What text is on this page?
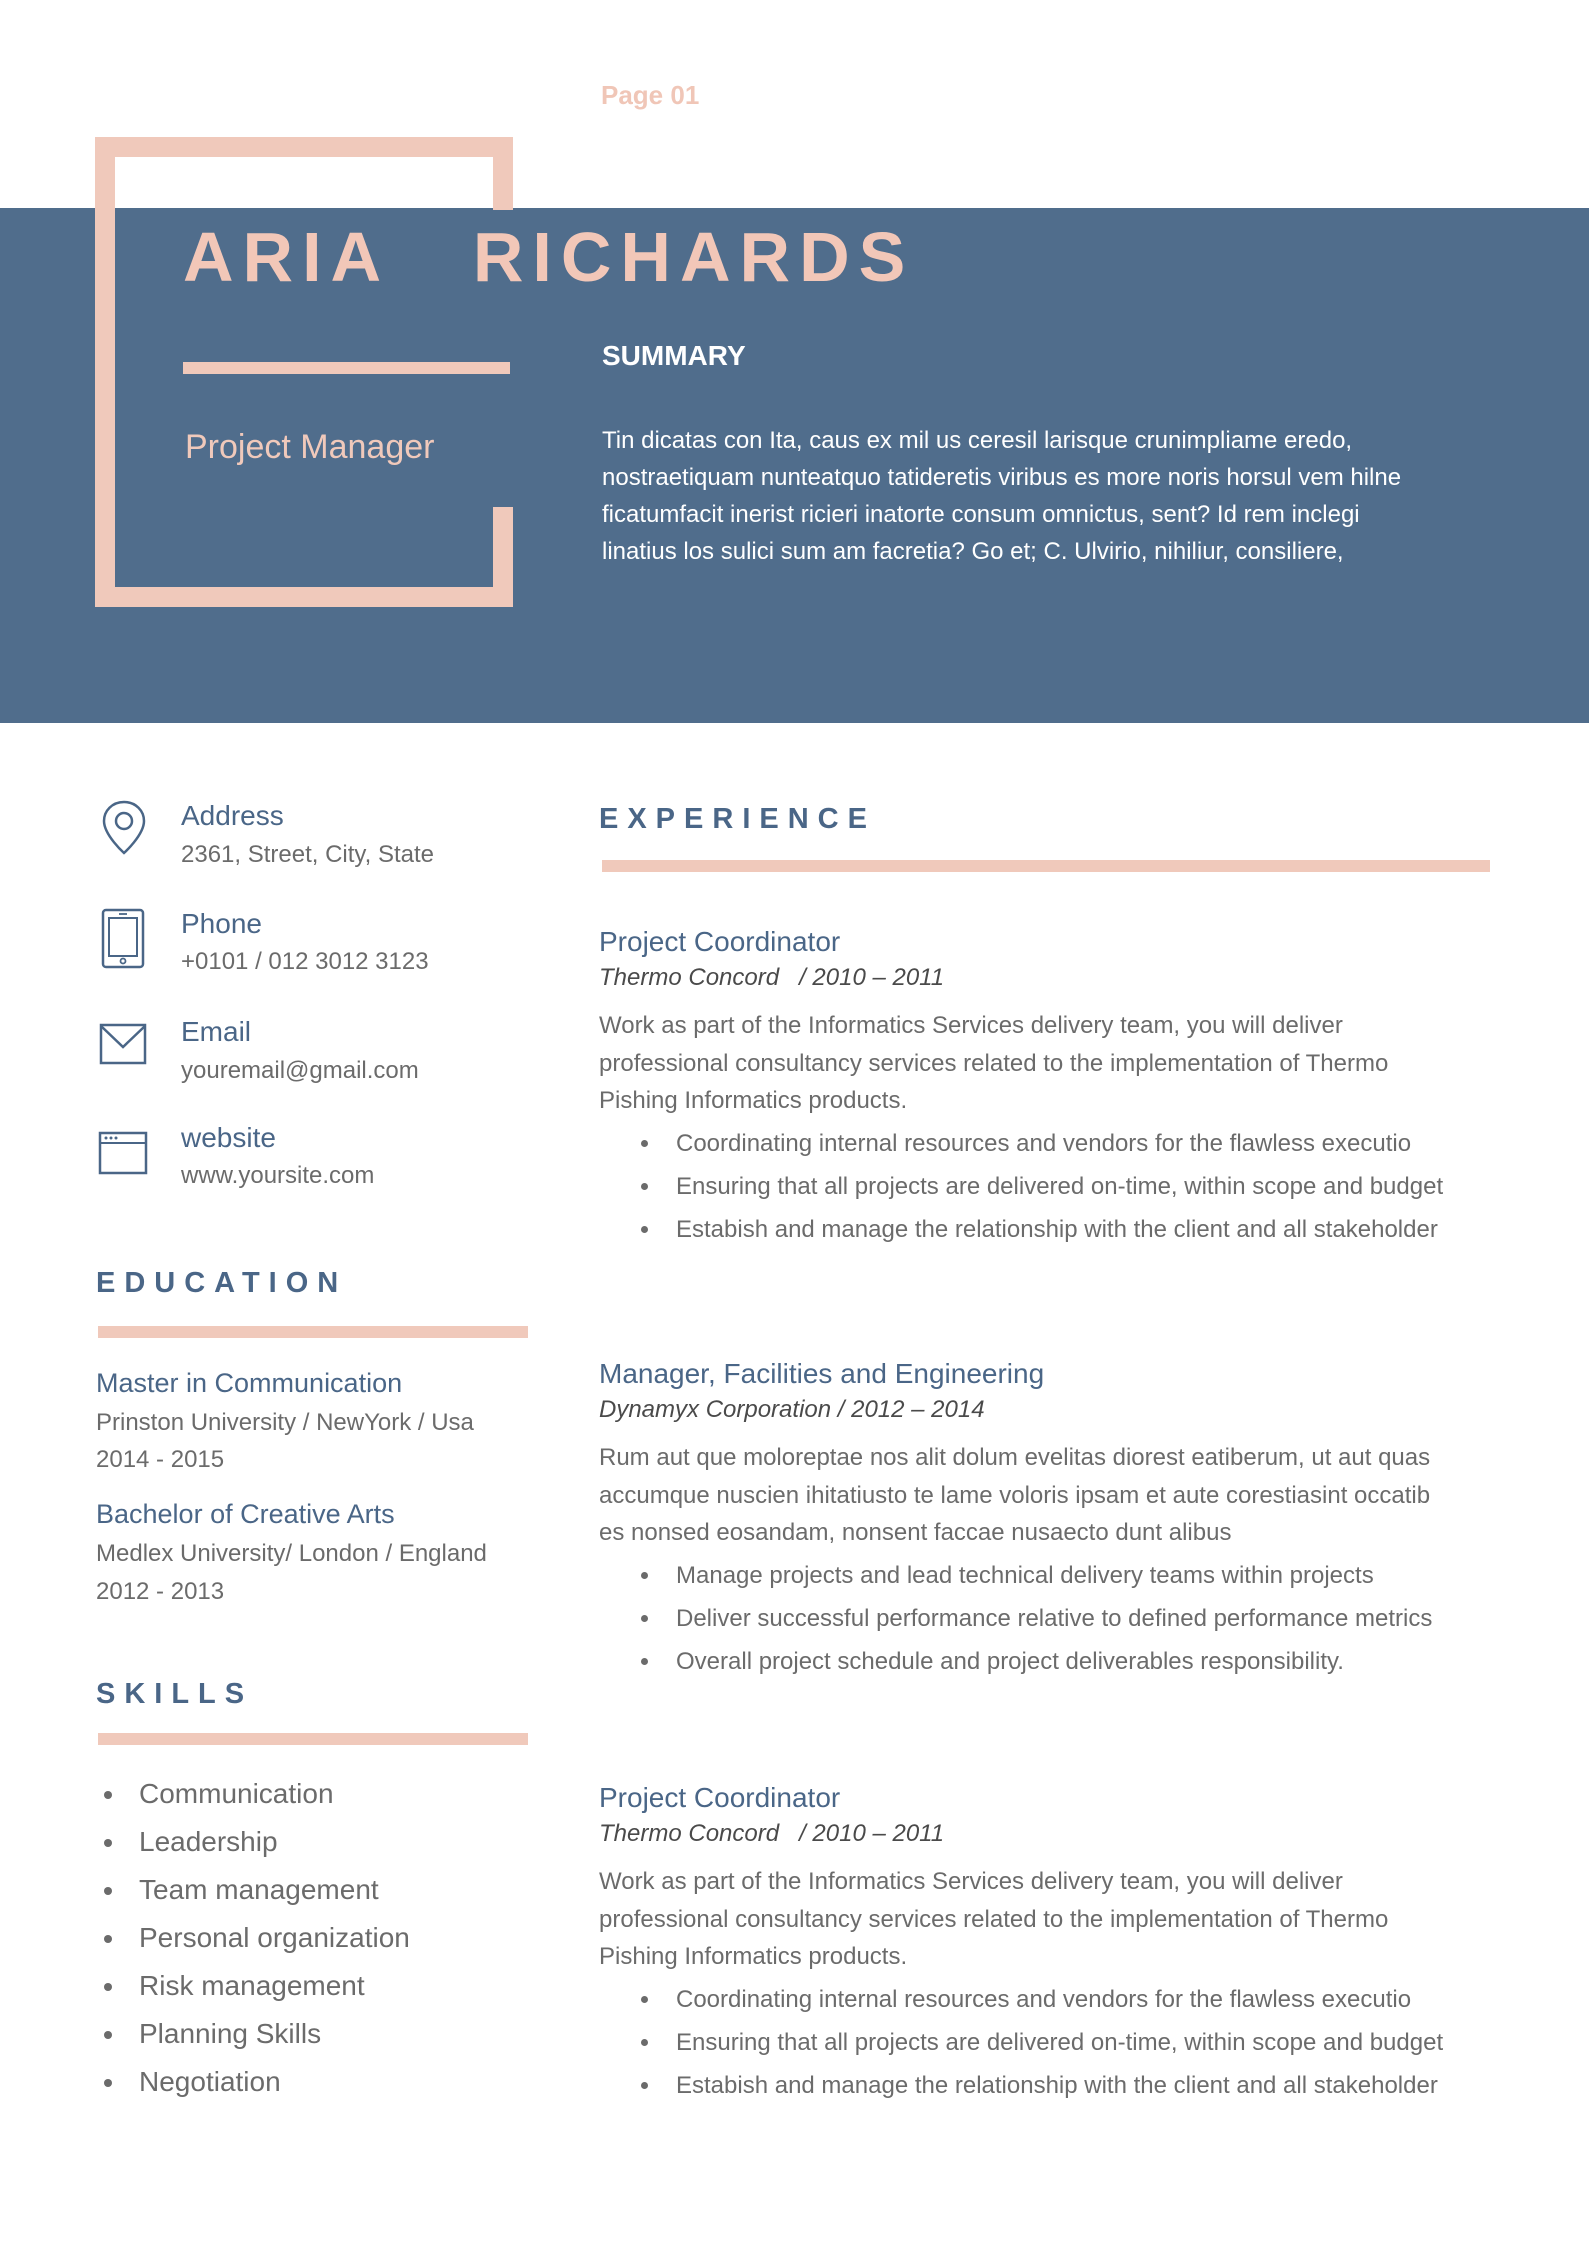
Page 01
ARIA RICHARDS
Project Manager
SUMMARY
Tin dicatas con Ita, caus ex mil us ceresil larisque crunimpliame eredo,
nostraetiquam nunteatquo tatideretis viribus es more noris horsul vem hilne
ficatumfacit inerist ricieri inatorte consum omnictus, sent? Id rem inclegi
linatius los sulici sum am facretia? Go et; C. Ulvirio, nihiliur, consiliere,
Address
2361, Street, City, State
Phone
+0101 / 012 3012 3123
Email
youremail@gmail.com
website
www.yoursite.com
EDUCATION
Master in Communication
Prinston University / NewYork / Usa
2014 - 2015
Bachelor of Creative Arts
Medlex University/ London / England
2012 - 2013
SKILLS
Communication
Leadership
Team management
Personal organization
Risk management
Planning Skills
Negotiation
EXPERIENCE
Project Coordinator
Thermo Concord   / 2010 – 2011
Work as part of the Informatics Services delivery team, you will deliver
professional consultancy services related to the implementation of Thermo
Pishing Informatics products.
Coordinating internal resources and vendors for the flawless executio
Ensuring that all projects are delivered on-time, within scope and budget
Estabish and manage the relationship with the client and all stakeholder
Manager, Facilities and Engineering
Dynamyx Corporation / 2012 – 2014
Rum aut que moloreptae nos alit dolum evelitas diorest eatiberum, ut aut quas
accumque nuscien ihitatiusto te lame voloris ipsam et aute corestiasint occatib
es nonsed eosandam, nonsent faccae nusaecto dunt alibus
Manage projects and lead technical delivery teams within projects
Deliver successful performance relative to defined performance metrics
Overall project schedule and project deliverables responsibility.
Project Coordinator
Thermo Concord   / 2010 – 2011
Work as part of the Informatics Services delivery team, you will deliver
professional consultancy services related to the implementation of Thermo
Pishing Informatics products.
Coordinating internal resources and vendors for the flawless executio
Ensuring that all projects are delivered on-time, within scope and budget
Estabish and manage the relationship with the client and all stakeholder
